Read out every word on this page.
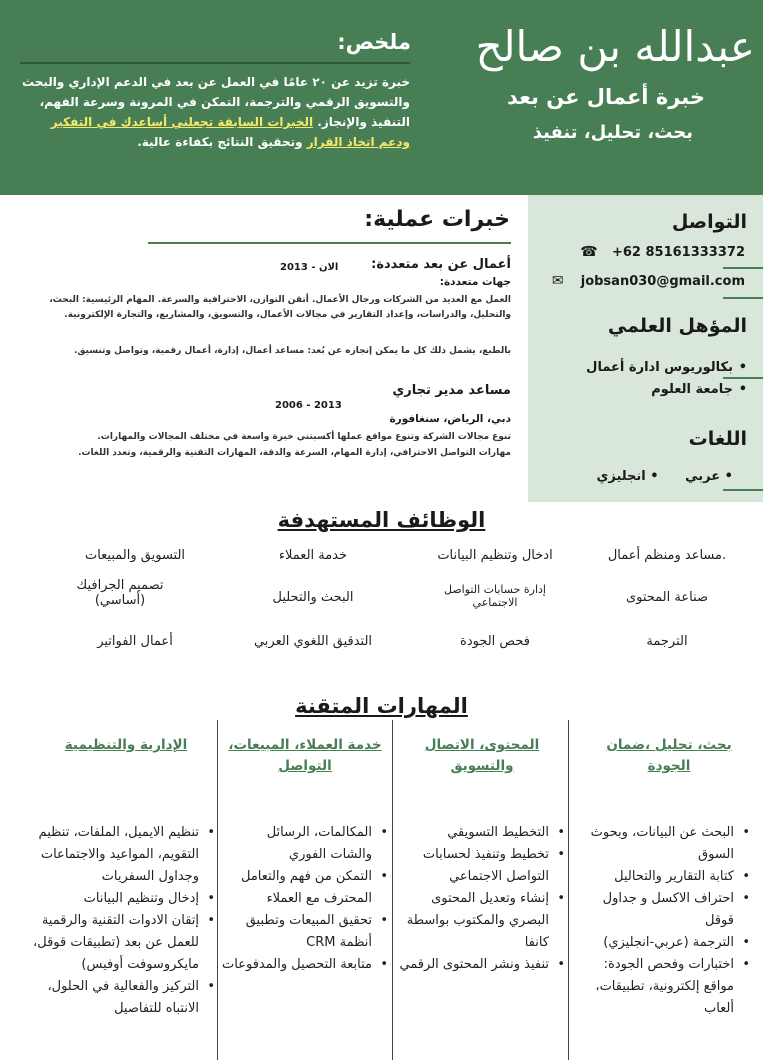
عبدالله بن صالح
خبرة أعمال عن بعد
بحث، تحليل، تنفيذ
ملخص:
خبرة تزيد عن ٢٠ عامًا في العمل عن بعد في الدعم الإداري والبحث والتسويق الرقمي والترجمة، التمكن في المرونة وسرعة الفهم، التنفيذ والإنجاز. الخبرات السابقة تجعلني أساعدك في التفكير ودعم اتخاذ القرار وتحقيق النتائج بكفاءة عالية.
التواصل
☎ +62 85161333372
✉ jobsan030@gmail.com
المؤهل العلمي
• بكالوريوس ادارة أعمال
• جامعة العلوم
اللغات
• عربي • انجليزي
خبرات عملية:
أعمال عن بعد متعددة:
2013 - الان
جهات متعددة:
العمل مع العديد من الشركات ورجال الأعمال. أتقن التوازن، الاحترافية والسرعة. المهام الرئيسية: البحث، والتحليل، والدراسات، وإعداد التقارير في مجالات الأعمال، والتسويق، والمشاريع، والتجارة الإلكترونية.
بالطبع، يشمل ذلك كل ما يمكن إنجازه عن بُعد: مساعد أعمال، إدارة، أعمال رقمية، وتواصل وتنسيق.
مساعد مدير تجاري
2006 - 2013
دبي، الرياض، سنغافورة
تنوع مجالات الشركة وتنوع مواقع عملها أكسبتني خبرة واسعة في مختلف المجالات والمهارات.
مهارات التواصل الاحترافي، إدارة المهام، السرعة والدقة، المهارات التقنية والرقمية، وتعدد اللغات.
الوظائف المستهدفة
.مساعد ومنظم أعمال
ادخال وتنظيم البيانات
خدمة العملاء
التسويق والمبيعات
صناعة المحتوى
إدارة حسابات التواصل الاجتماعي
البحث والتحليل
تصميم الجرافيك (أساسي)
الترجمة
فحص الجودة
التدقيق اللغوي العربي
أعمال الفواتير
المهارات المتقنة
بحث، تحليل ،ضمان الجودة
المحتوى، الاتصال والتسويق
خدمة العملاء، المبيعات، التواصل
الإدارية والتنظيمية
• البحث عن البيانات، وبحوث السوق
• كتابة التقارير والتحاليل
• احتراف الاكسل و جداول قوقل
• الترجمة (عربي-انجليزي)
• اختبارات وفحص الجودة: مواقع إلكترونية، تطبيقات، ألعاب
• التخطيط التسويقي
• تخطيط وتنفيذ لحسابات التواصل الاجتماعي
• إنشاء وتعديل المحتوى البصري والمكتوب بواسطة كانفا
• تنفيذ ونشر المحتوى الرقمي
• المكالمات، الرسائل والشات الفوري
• التمكن من فهم والتعامل المحترف مع العملاء
• تحقيق المبيعات وتطبيق أنظمة CRM
• متابعة التحصيل والمدفوعات
• تنظيم الايميل، الملفات، تنظيم التقويم، المواعيد والاجتماعات وجداول السفريات
• إدخال وتنظيم البيانات
• إتقان الادوات التقنية والرقمية للعمل عن بعد (تطبيقات قوقل، مايكروسوفت أوفيس)
• التركيز والفعالية في الحلول، الانتباه للتفاصيل
